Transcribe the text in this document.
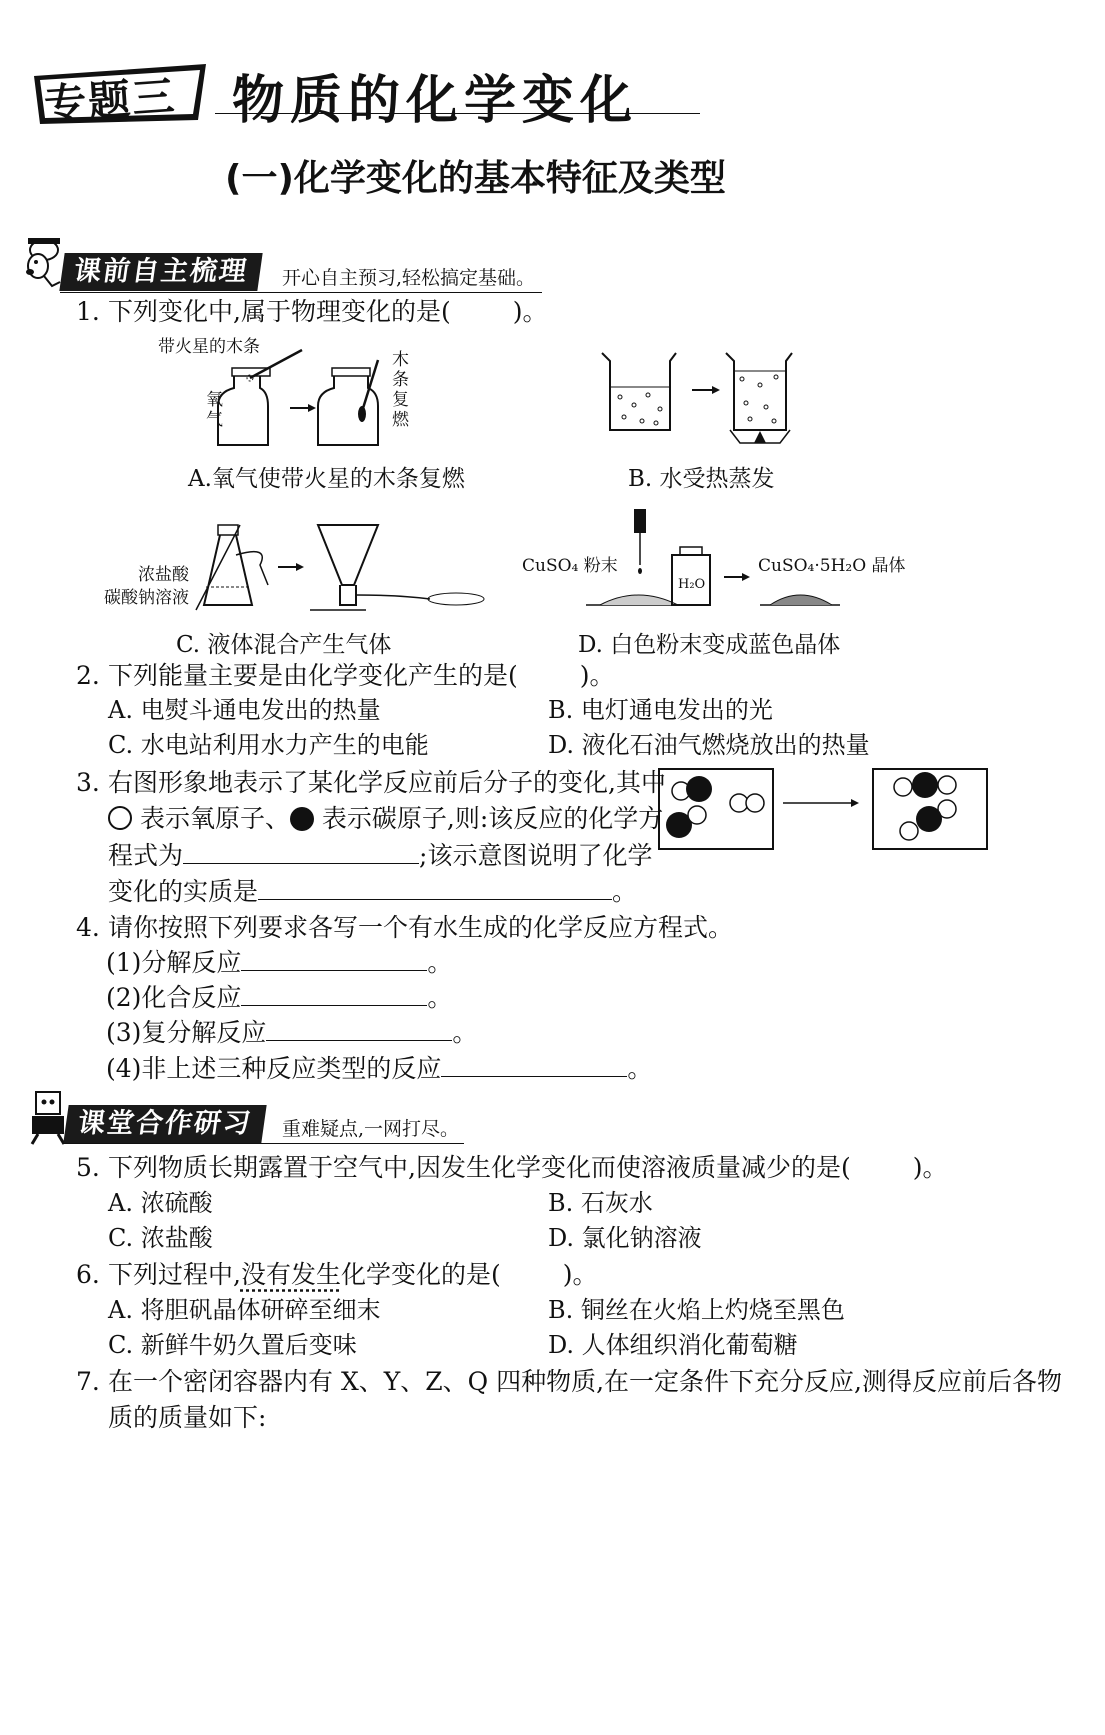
专题三 物质的化学变化
(一)化学变化的基本特征及类型
课前自主梳理	开心自主预习,轻松搞定基础。
1. 下列变化中,属于物理变化的是( )。
带火星的木条
氧气
木条复燃
A.氧气使带火星的木条复燃	B. 水受热蒸发
浓盐酸
碳酸钠溶液
C. 液体混合产生气体
CuSO₄ 粉末
H₂O
CuSO₄·5H₂O 晶体
D. 白色粉末变成蓝色晶体
2. 下列能量主要是由化学变化产生的是( )。
A. 电熨斗通电发出的热量	B. 电灯通电发出的光
C. 水电站利用水力产生的电能	D. 液化石油气燃烧放出的热量
3. 右图形象地表示了某化学反应前后分子的变化,其中
表示氧原子、 表示碳原子,则:该反应的化学方
程式为	;该示意图说明了化学
变化的实质是	。
4. 请你按照下列要求各写一个有水生成的化学反应方程式。
(1)分解反应	。
(2)化合反应	。
(3)复分解反应	。
(4)非上述三种反应类型的反应	。
课堂合作研习	重难疑点,一网打尽。
5. 下列物质长期露置于空气中,因发生化学变化而使溶液质量减少的是( )。
A. 浓硫酸	B. 石灰水
C. 浓盐酸	D. 氯化钠溶液
6. 下列过程中,没有发生化学变化的是( )。
A. 将胆矾晶体研碎至细末	B. 铜丝在火焰上灼烧至黑色
C. 新鲜牛奶久置后变味	D. 人体组织消化葡萄糖
7. 在一个密闭容器内有 X、Y、Z、Q 四种物质,在一定条件下充分反应,测得反应前后各物
质的质量如下:
